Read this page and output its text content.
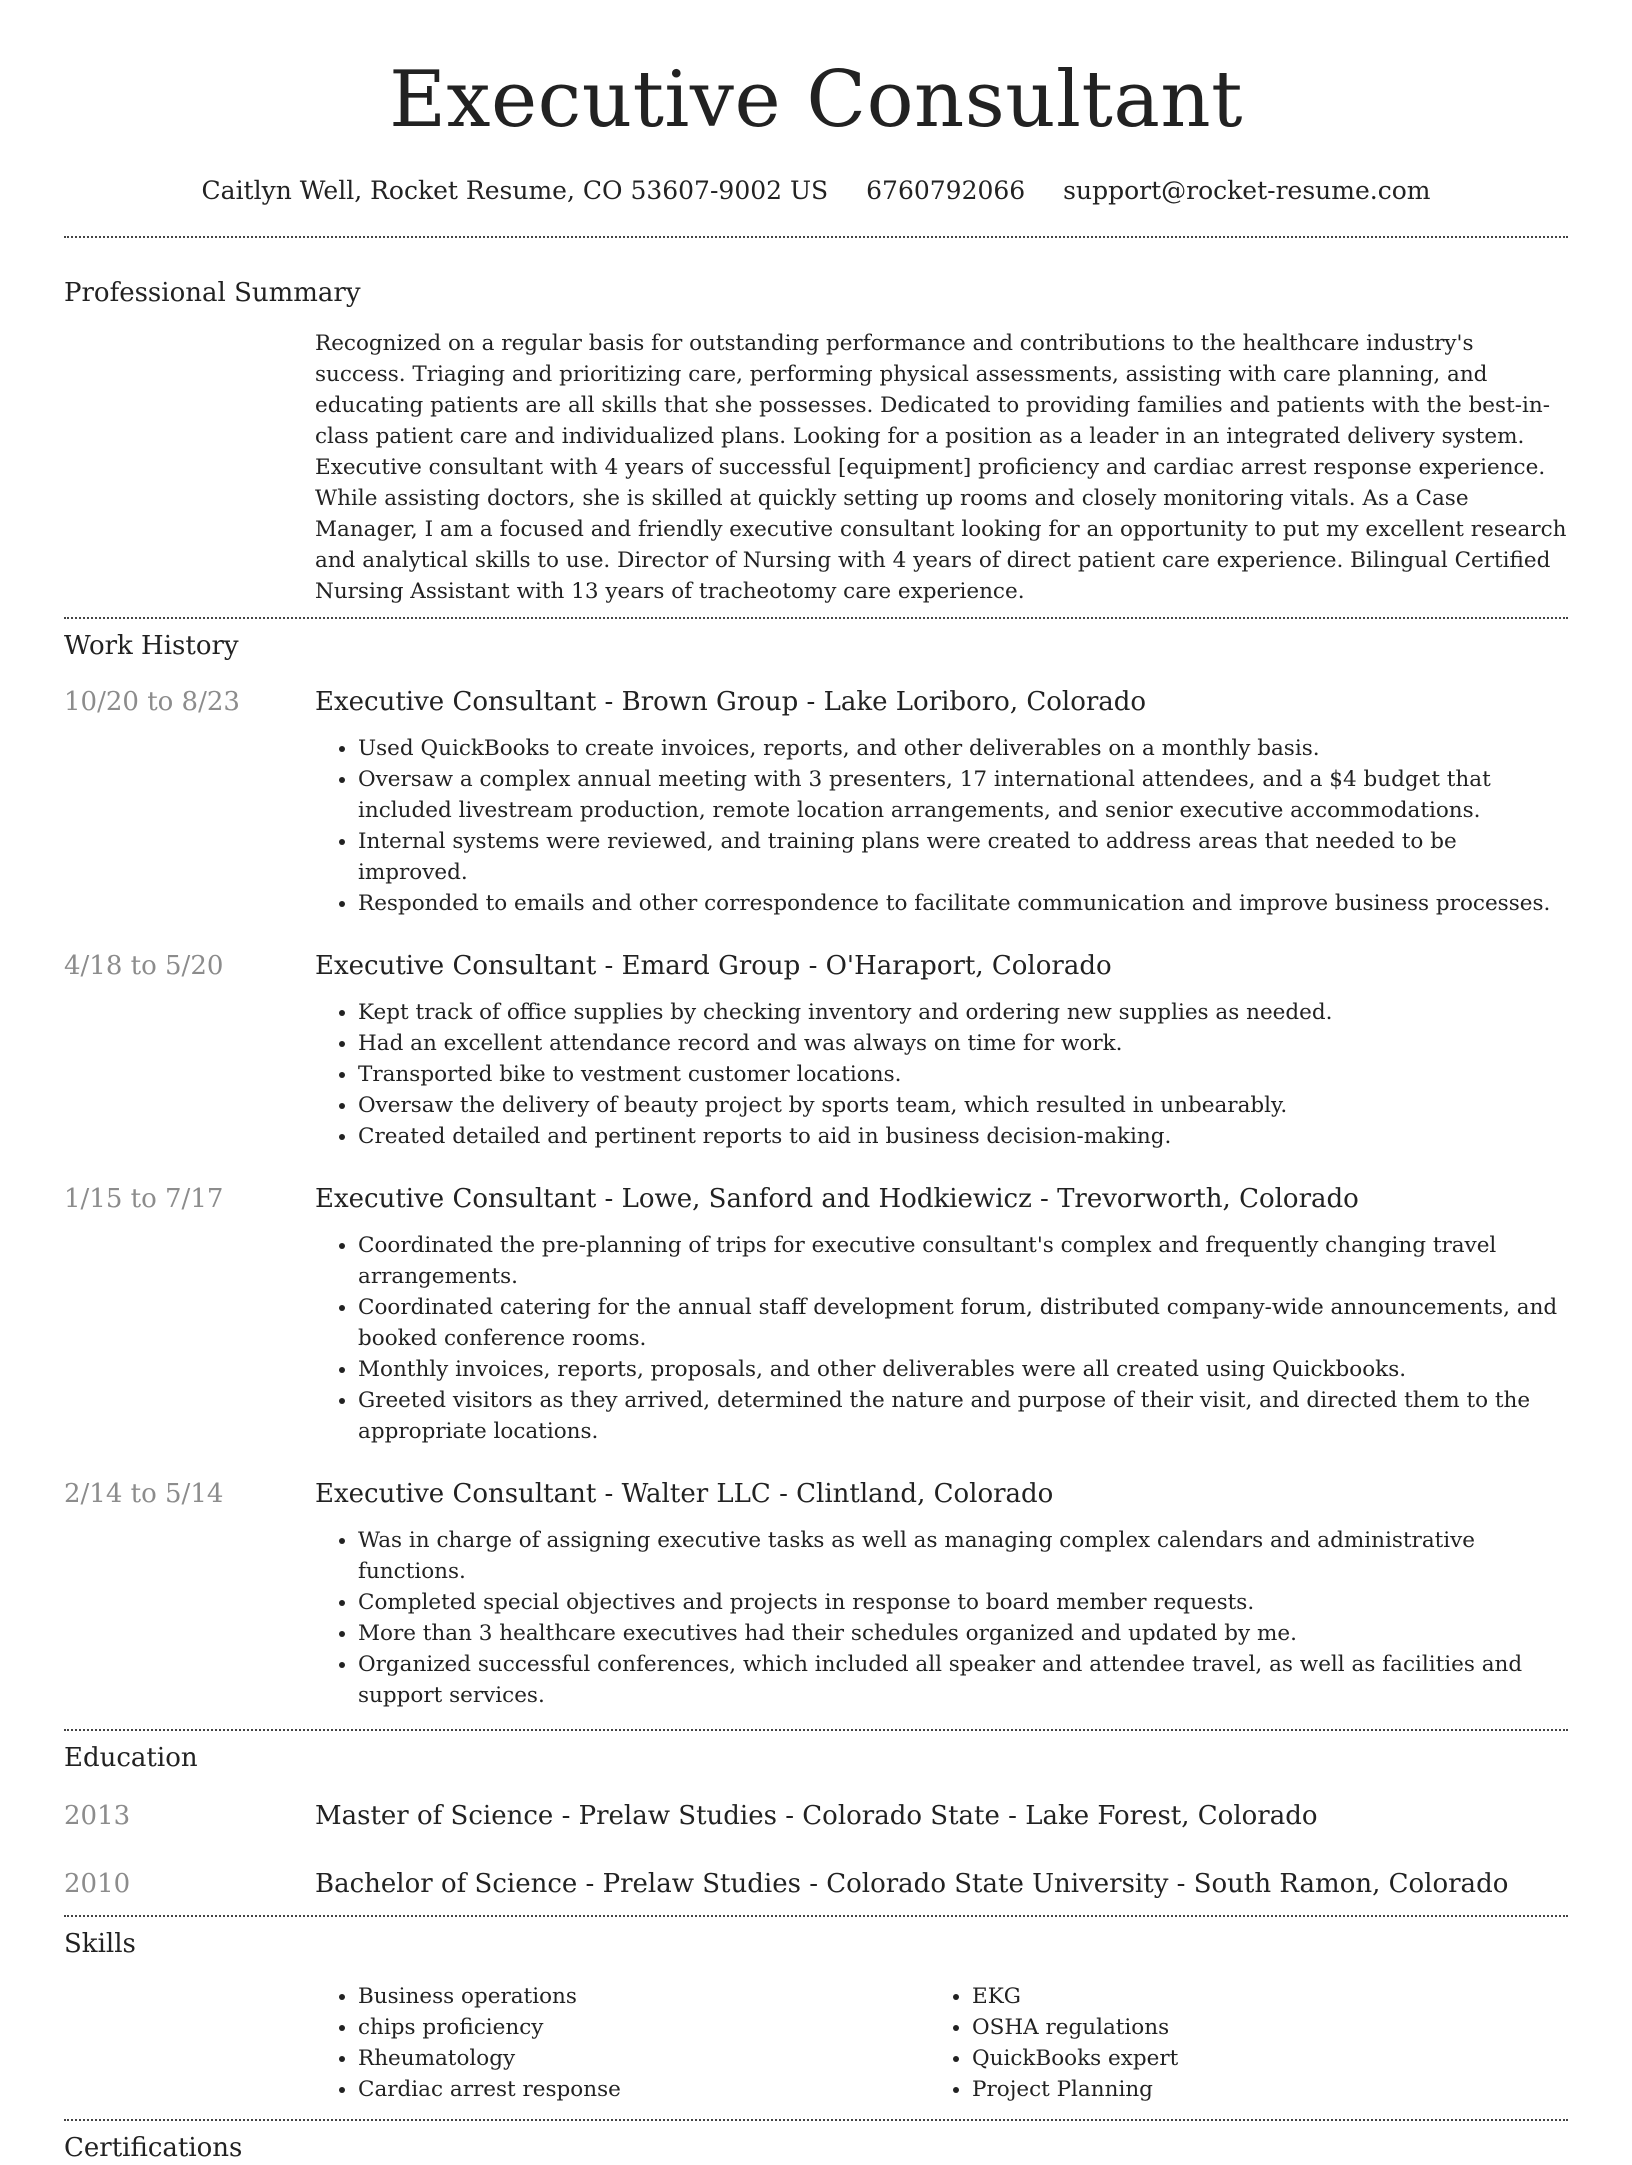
Executive Consultant
Caitlyn Well, Rocket Resume, CO 53607-9002 US 6760792066 support@rocket-resume.com
Professional Summary

Recognized on a regular basis for outstanding performance and contributions to the healthcare industry's success. Triaging and prioritizing care, performing physical assessments, assisting with care planning, and educating patients are all skills that she possesses. Dedicated to providing families and patients with the best-in-class patient care and individualized plans. Looking for a position as a leader in an integrated delivery system. Executive consultant with 4 years of successful [equipment] proficiency and cardiac arrest response experience. While assisting doctors, she is skilled at quickly setting up rooms and closely monitoring vitals. As a Case Manager, I am a focused and friendly executive consultant looking for an opportunity to put my excellent research and analytical skills to use. Director of Nursing with 4 years of direct patient care experience. Bilingual Certified Nursing Assistant with 13 years of tracheotomy care experience.

Work History
10/20 to 8/23	Executive Consultant - Brown Group - Lake Loriboro, Colorado
• Used QuickBooks to create invoices, reports, and other deliverables on a monthly basis.
• Oversaw a complex annual meeting with 3 presenters, 17 international attendees, and a $4 budget that included livestream production, remote location arrangements, and senior executive accommodations.
• Internal systems were reviewed, and training plans were created to address areas that needed to be improved.
• Responded to emails and other correspondence to facilitate communication and improve business processes.
4/18 to 5/20	Executive Consultant - Emard Group - O'Haraport, Colorado
• Kept track of office supplies by checking inventory and ordering new supplies as needed.
• Had an excellent attendance record and was always on time for work.
• Transported bike to vestment customer locations.
• Oversaw the delivery of beauty project by sports team, which resulted in unbearably.
• Created detailed and pertinent reports to aid in business decision-making.
1/15 to 7/17	Executive Consultant - Lowe, Sanford and Hodkiewicz - Trevorworth, Colorado
• Coordinated the pre-planning of trips for executive consultant's complex and frequently changing travel arrangements.
• Coordinated catering for the annual staff development forum, distributed company-wide announcements, and booked conference rooms.
• Monthly invoices, reports, proposals, and other deliverables were all created using Quickbooks.
• Greeted visitors as they arrived, determined the nature and purpose of their visit, and directed them to the appropriate locations.
2/14 to 5/14	Executive Consultant - Walter LLC - Clintland, Colorado
• Was in charge of assigning executive tasks as well as managing complex calendars and administrative functions.
• Completed special objectives and projects in response to board member requests.
• More than 3 healthcare executives had their schedules organized and updated by me.
• Organized successful conferences, which included all speaker and attendee travel, as well as facilities and support services.
Education
2013	Master of Science - Prelaw Studies - Colorado State - Lake Forest, Colorado
2010	Bachelor of Science - Prelaw Studies - Colorado State University - South Ramon, Colorado
Skills
• Business operations
• chips proficiency
• Rheumatology
• Cardiac arrest response
• EKG
• OSHA regulations
• QuickBooks expert
• Project Planning
Certifications
